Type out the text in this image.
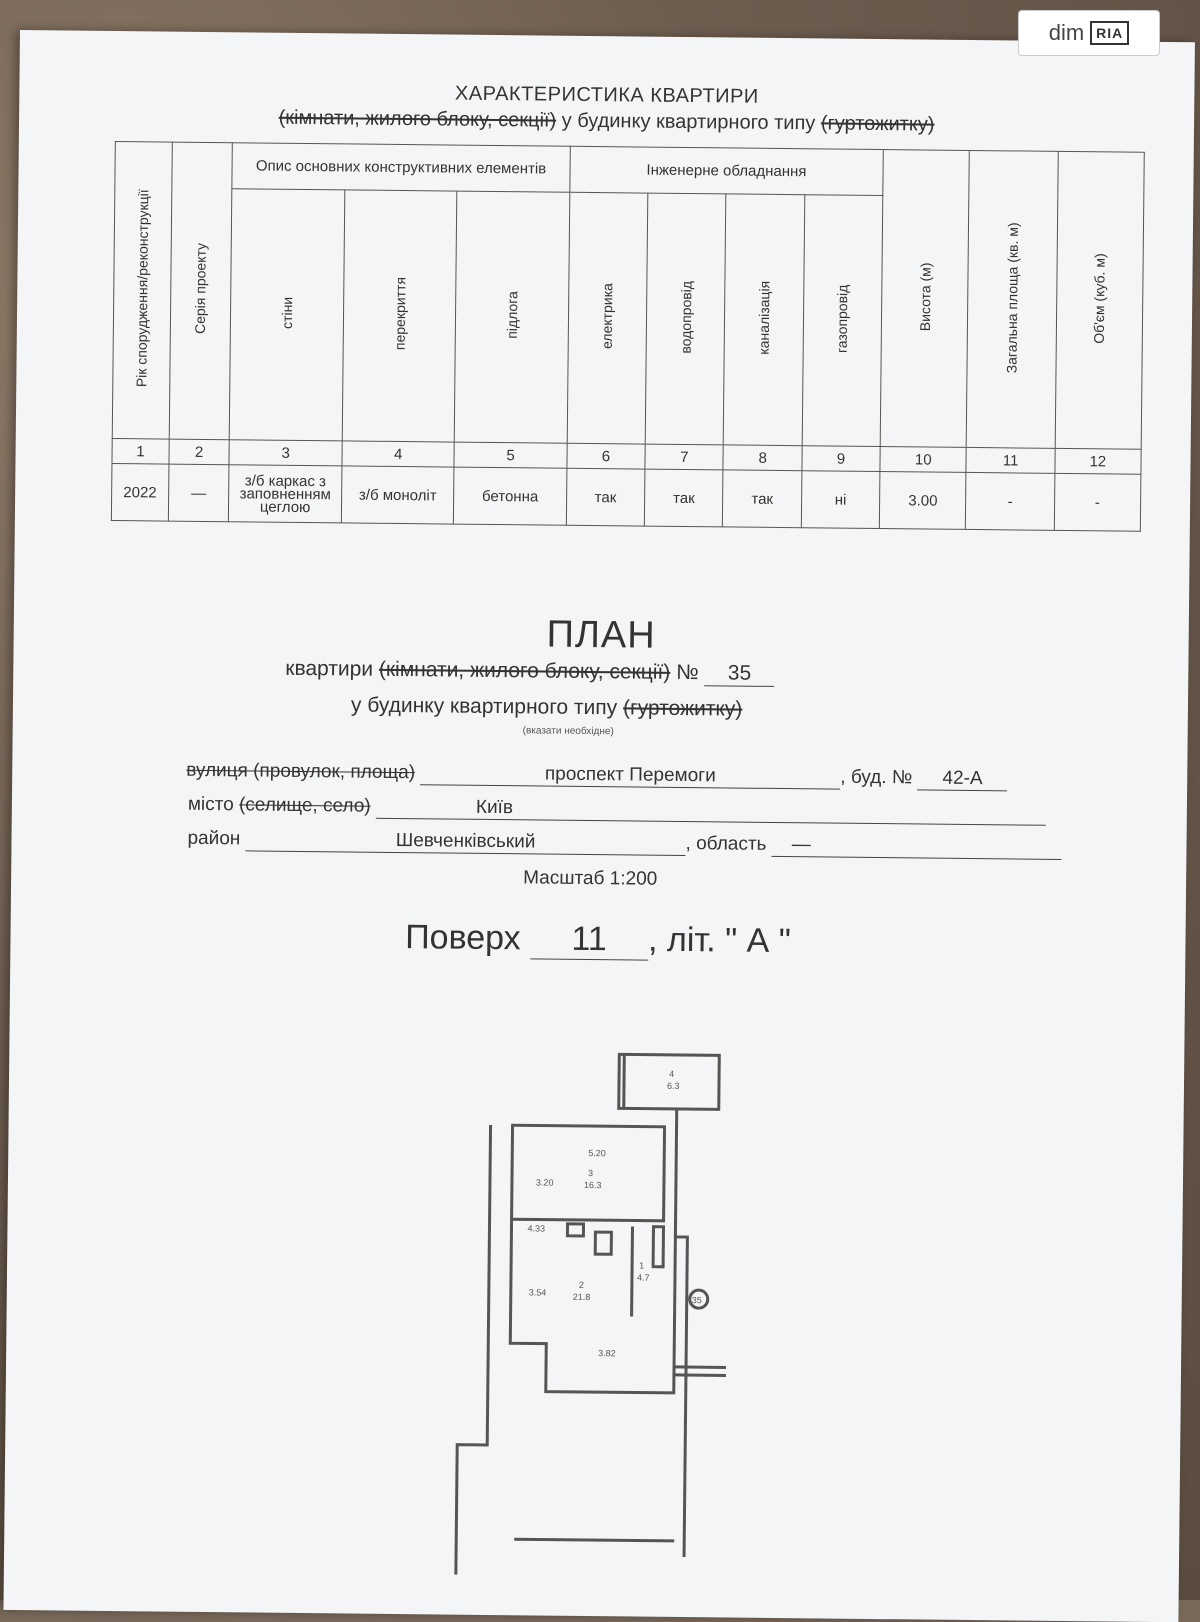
dim RIA
ХАРАКТЕРИСТИКА КВАРТИРИ
(кімнати, жилого блоку, секції) у будинку квартирного типу (гуртожитку)
Рік спорудження/реконструкції	Серія проекту	Опис основних конструктивних елементів			Інженерне обладнання				Висота (м)	Загальна площа (кв. м)	Об'єм (куб. м)
		стіни	перекриття	підлога	електрика	водопровід	каналізація	газопровід			
1	2	3	4	5	6	7	8	9	10	11	12
2022	—	з/б каркас з заповненням цеглою	з/б моноліт	бетонна	так	так	так	ні	3.00	-	-
ПЛАН
квартири (кімнати, жилого блоку, секції) № 35
у будинку квартирного типу (гуртожитку)
(вказати необхідне)
вулиця (провулок, площа)	проспект Перемоги	, буд. № 42-А
місто (селище, село)	Київ
район	Шевченківський	, область —
Масштаб 1:200
Поверх 11 , літ. " А "
5.20
3.20
3
16.3
4.33
3.54
2
21.8
1
4.7
3.82
4
6.3
35
